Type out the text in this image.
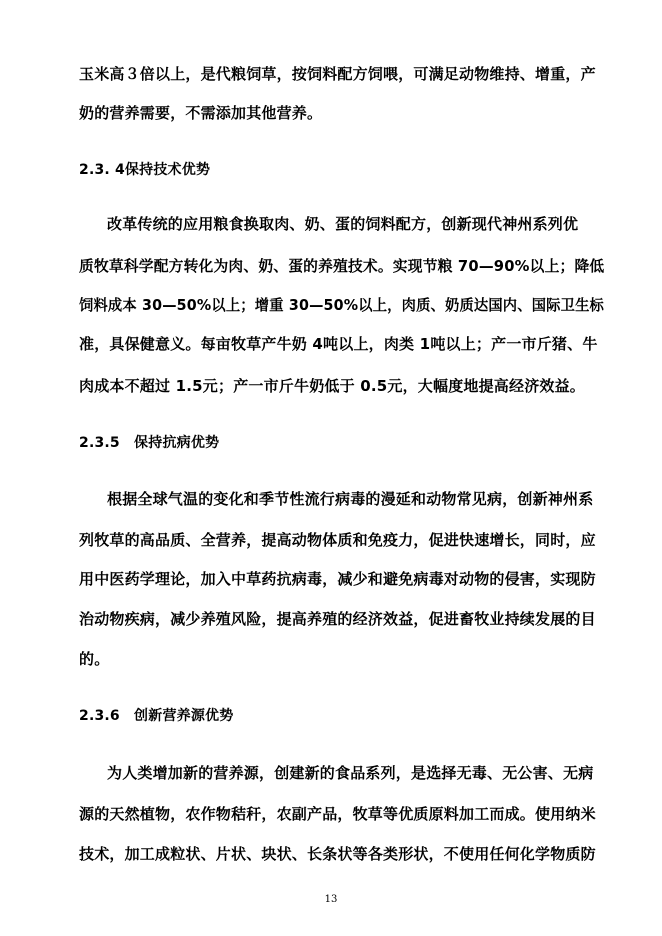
玉米高３倍以上，是代粮饲草，按饲料配方饲喂，可满足动物维持、增重，产
奶的营养需要，不需添加其他营养。
2.3. 4保持技术优势
改革传统的应用粮食换取肉、奶、蛋的饲料配方，创新现代神州系列优
质牧草科学配方转化为肉、奶、蛋的养殖技术。实现节粮 70—90%以上；降低
饲料成本 30—50%以上；增重 30—50%以上，肉质、奶质达国内、国际卫生标
准，具保健意义。每亩牧草产牛奶 4吨以上，肉类 1吨以上；产一市斤猪、牛
肉成本不超过 1.5元；产一市斤牛奶低于 0.5元，大幅度地提高经济效益。
2.3.5　保持抗病优势
根据全球气温的变化和季节性流行病毒的漫延和动物常见病，创新神州系
列牧草的高品质、全营养，提高动物体质和免疫力，促进快速增长，同时，应
用中医药学理论，加入中草药抗病毒，减少和避免病毒对动物的侵害，实现防
治动物疾病，减少养殖风险，提高养殖的经济效益，促进畜牧业持续发展的目
的。
2.3.6　创新营养源优势
为人类增加新的营养源，创建新的食品系列，是选择无毒、无公害、无病
源的天然植物，农作物秸秆，农副产品，牧草等优质原料加工而成。使用纳米
技术，加工成粒状、片状、块状、长条状等各类形状，不使用任何化学物质防
13
